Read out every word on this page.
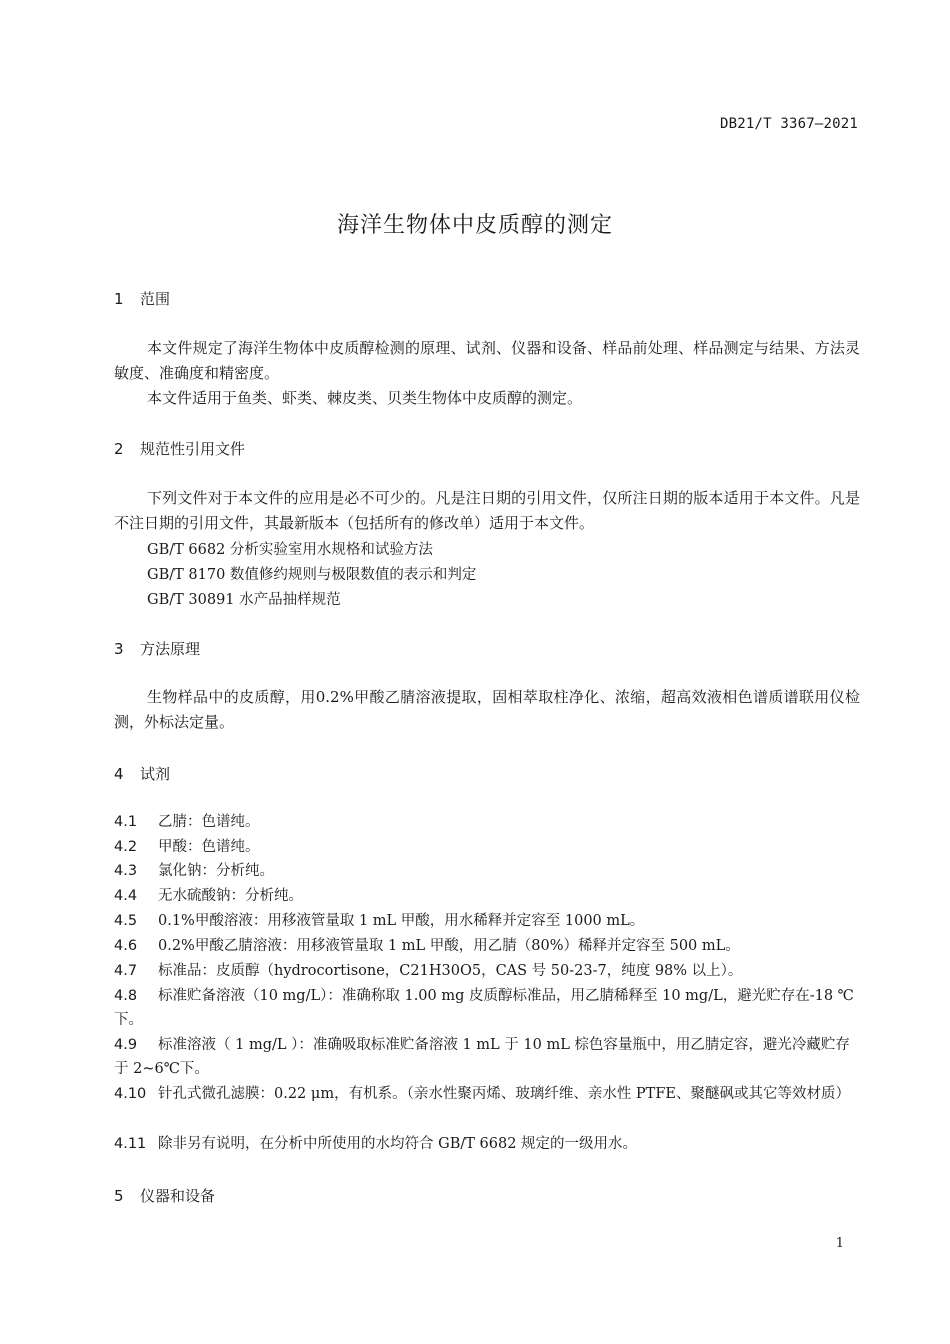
DB21/T 3367—2021
海洋生物体中皮质醇的测定
1 范围

本文件规定了海洋生物体中皮质醇检测的原理、试剂、仪器和设备、样品前处理、样品测定与结果、方法灵敏度、准确度和精密度。

本文件适用于鱼类、虾类、棘皮类、贝类生物体中皮质醇的测定。

2 规范性引用文件

下列文件对于本文件的应用是必不可少的。凡是注日期的引用文件，仅所注日期的版本适用于本文件。凡是不注日期的引用文件，其最新版本（包括所有的修改单）适用于本文件。

GB/T 6682 分析实验室用水规格和试验方法
GB/T 8170 数值修约规则与极限数值的表示和判定
GB/T 30891 水产品抽样规范
3 方法原理

生物样品中的皮质醇，用0.2%甲酸乙腈溶液提取，固相萃取柱净化、浓缩，超高效液相色谱质谱联用仪检测，外标法定量。

4 试剂
4.1 乙腈：色谱纯。
4.2 甲酸：色谱纯。
4.3 氯化钠：分析纯。
4.4 无水硫酸钠：分析纯。
4.5 0.1%甲酸溶液：用移液管量取 1 mL 甲酸，用水稀释并定容至 1000 mL。
4.6 0.2%甲酸乙腈溶液：用移液管量取 1 mL 甲酸，用乙腈（80%）稀释并定容至 500 mL。
4.7 标准品：皮质醇（hydrocortisone，C21H30O5，CAS 号 50-23-7，纯度 98% 以上）。
4.8 标准贮备溶液（10 mg/L）：准确称取 1.00 mg 皮质醇标准品，用乙腈稀释至 10 mg/L，避光贮存在-18 ℃下。
4.9 标准溶液（ 1 mg/L ）：准确吸取标准贮备溶液 1 mL 于 10 mL 棕色容量瓶中，用乙腈定容，避光冷藏贮存于 2~6℃下。
4.10 针孔式微孔滤膜：0.22 μm，有机系。（亲水性聚丙烯、玻璃纤维、亲水性 PTFE、聚醚砜或其它等效材质）
4.11 除非另有说明，在分析中所使用的水均符合 GB/T 6682 规定的一级用水。
5 仪器和设备
1
